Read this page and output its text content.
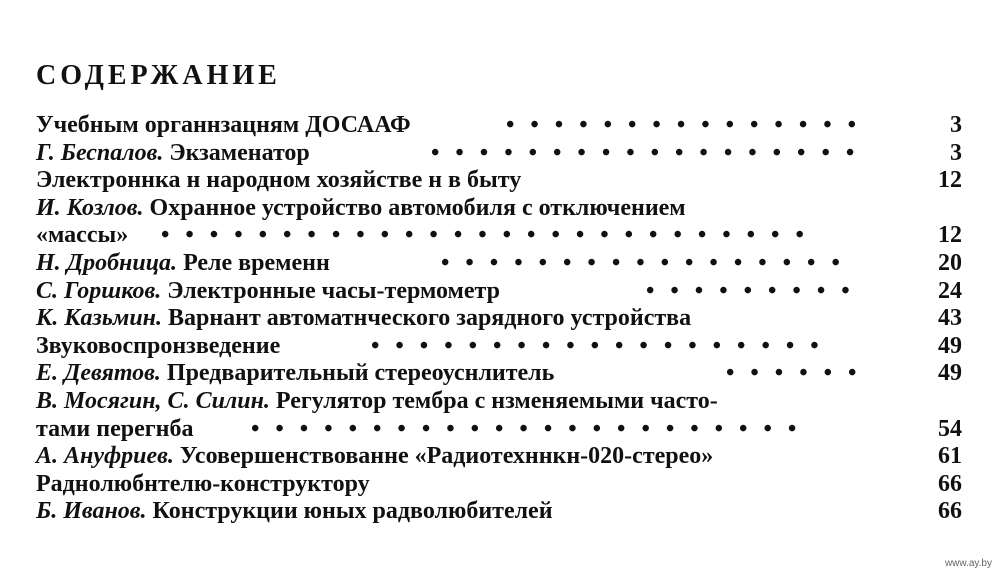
СОДЕРЖАНИЕ
Учебным органнзацням ДОСААФ	•••••••••••••••	3
Г. Беспалов. Экзаменатор	••••••••••••••••••	3
Электроннка н народном хозяйстве н в быту	12
И. Козлов. Охранное устройство автомобиля с отключением
«массы» •••••••••••••••••••••••••••	12
Н. Дробница. Реле временн	•••••••••••••••••	20
С. Горшков. Электронные часы-термометр	•••••••••	24
К. Казьмин. Варнант автоматнческого зарядного устройства	43
Звуковоспронзведение	•••••••••••••••••••	49
Е. Девятов. Предварительный стереоуснлитель	••••••	49
В. Мосягин, С. Силин. Регулятор тембра с нзменяемыми часто-
тами перегнба •••••••••••••••••••••••	54
А. Ануфриев. Усовершенствованне «Радиотехннкн-020-стерео»	61
Раднолюбнтелю-конструктору	66
Б. Иванов. Конструкции юных радволюбителей	66
www.ay.by
